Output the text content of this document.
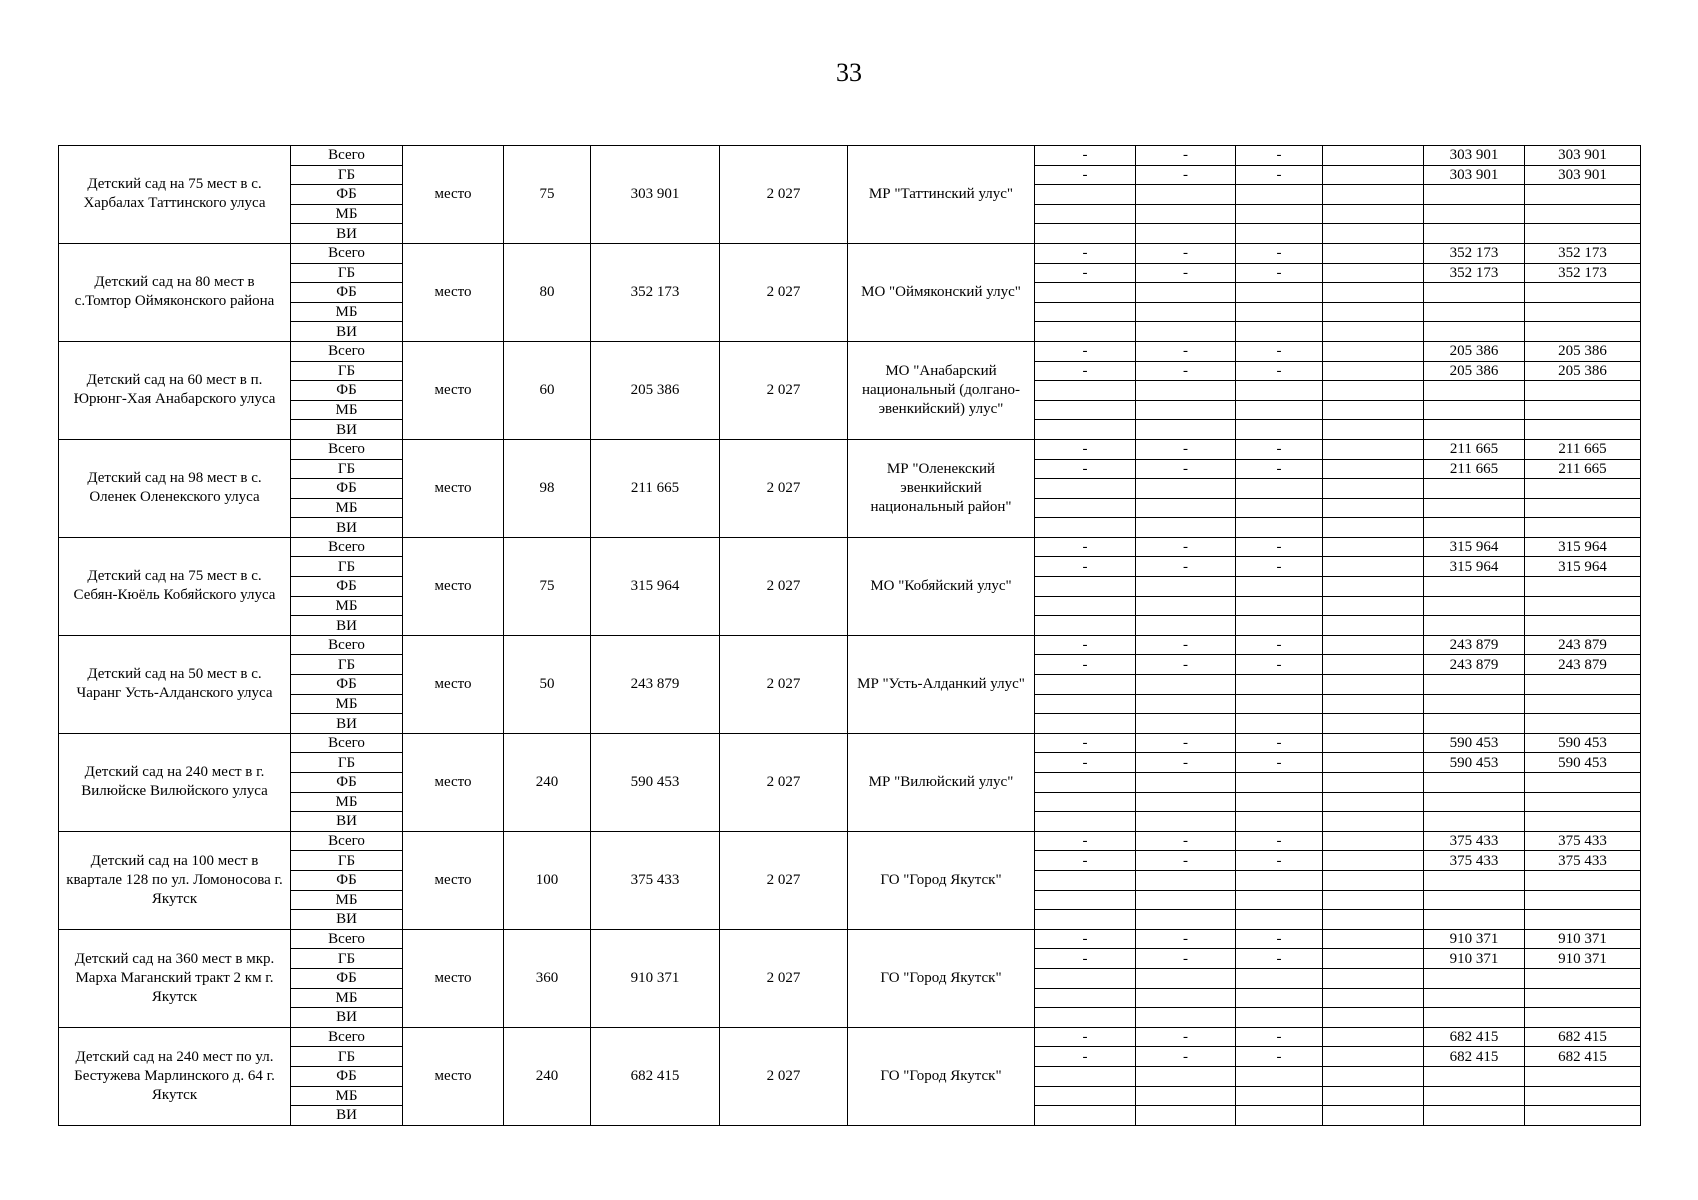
33
Детский сад на 75 мест в с. Харбалах Таттинского улуса	Всего	место	75	303 901	2 027	МР "Таттинский улус"	-	-	-		303 901	303 901
	ГБ						-	-	-		303 901	303 901
	ФБ											
	МБ											
	ВИ											
Детский сад на 80 мест в с.Томтор Оймяконского района	Всего	место	80	352 173	2 027	МО "Оймяконский улус"	-	-	-		352 173	352 173
	ГБ						-	-	-		352 173	352 173
	ФБ											
	МБ											
	ВИ											
Детский сад на 60 мест в п. Юрюнг-Хая Анабарского улуса	Всего	место	60	205 386	2 027	МО "Анабарский национальный (долгано-эвенкийский) улус"	-	-	-		205 386	205 386
	ГБ						-	-	-		205 386	205 386
	ФБ											
	МБ											
	ВИ											
Детский сад на 98 мест в с. Оленек Оленекского улуса	Всего	место	98	211 665	2 027	МР "Оленекский эвенкийский национальный район"	-	-	-		211 665	211 665
	ГБ						-	-	-		211 665	211 665
	ФБ											
	МБ											
	ВИ											
Детский сад на 75 мест в с. Себян-Кюёль Кобяйского улуса	Всего	место	75	315 964	2 027	МО "Кобяйский улус"	-	-	-		315 964	315 964
	ГБ						-	-	-		315 964	315 964
	ФБ											
	МБ											
	ВИ											
Детский сад на 50 мест в с. Чаранг Усть-Алданского улуса	Всего	место	50	243 879	2 027	МР "Усть-Алданкий улус"	-	-	-		243 879	243 879
	ГБ						-	-	-		243 879	243 879
	ФБ											
	МБ											
	ВИ											
Детский сад на 240 мест в г. Вилюйске Вилюйского улуса	Всего	место	240	590 453	2 027	МР "Вилюйский улус"	-	-	-		590 453	590 453
	ГБ						-	-	-		590 453	590 453
	ФБ											
	МБ											
	ВИ											
Детский сад на 100 мест в квартале 128 по ул. Ломоносова г. Якутск	Всего	место	100	375 433	2 027	ГО "Город Якутск"	-	-	-		375 433	375 433
	ГБ						-	-	-		375 433	375 433
	ФБ											
	МБ											
	ВИ											
Детский сад на 360 мест в мкр. Марха Маганский тракт 2 км г. Якутск	Всего	место	360	910 371	2 027	ГО "Город Якутск"	-	-	-		910 371	910 371
	ГБ						-	-	-		910 371	910 371
	ФБ											
	МБ											
	ВИ											
Детский сад на 240 мест по ул. Бестужева Марлинского д. 64 г. Якутск	Всего	место	240	682 415	2 027	ГО "Город Якутск"	-	-	-		682 415	682 415
	ГБ						-	-	-		682 415	682 415
	ФБ											
	МБ											
	ВИ											
